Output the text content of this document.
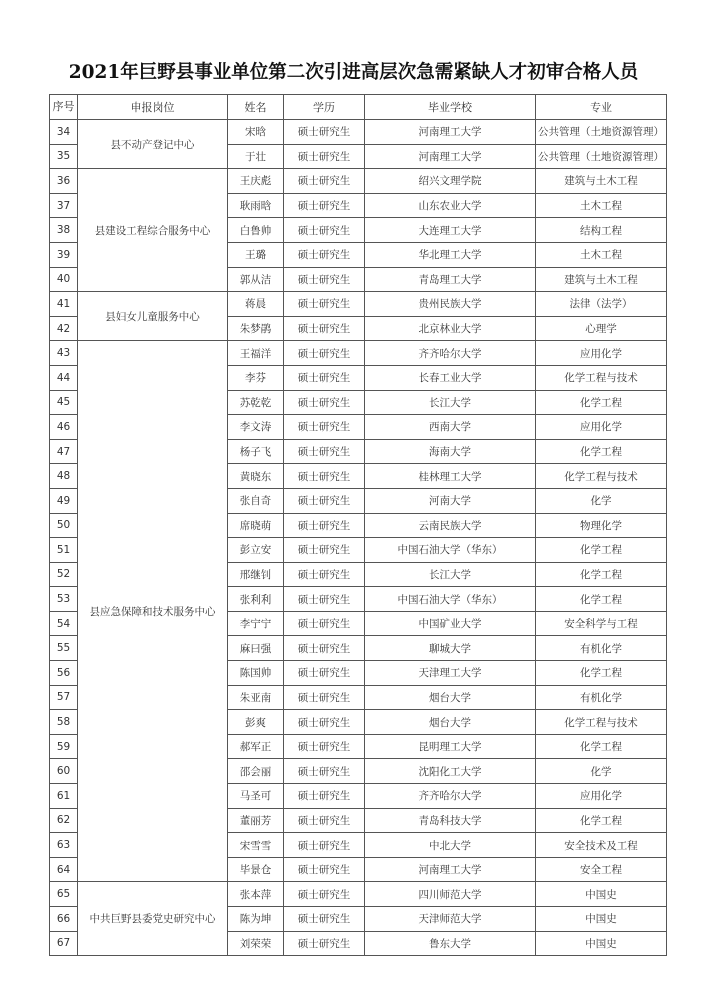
2021年巨野县事业单位第二次引进高层次急需紧缺人才初审合格人员
序号	申报岗位	姓名	学历	毕业学校	专业
34	县不动产登记中心	宋晗	硕士研究生	河南理工大学	公共管理（土地资源管理）
35		于壮	硕士研究生	河南理工大学	公共管理（土地资源管理）
36	县建设工程综合服务中心	王庆彪	硕士研究生	绍兴文理学院	建筑与土木工程
37		耿雨晗	硕士研究生	山东农业大学	土木工程
38		白鲁帅	硕士研究生	大连理工大学	结构工程
39		王璐	硕士研究生	华北理工大学	土木工程
40		郭从洁	硕士研究生	青岛理工大学	建筑与土木工程
41	县妇女儿童服务中心	蒋晨	硕士研究生	贵州民族大学	法律（法学）
42		朱梦鹃	硕士研究生	北京林业大学	心理学
43	县应急保障和技术服务中心	王福洋	硕士研究生	齐齐哈尔大学	应用化学
44		李芬	硕士研究生	长春工业大学	化学工程与技术
45		苏乾乾	硕士研究生	长江大学	化学工程
46		李文涛	硕士研究生	西南大学	应用化学
47		杨子飞	硕士研究生	海南大学	化学工程
48		黄晓东	硕士研究生	桂林理工大学	化学工程与技术
49		张自奇	硕士研究生	河南大学	化学
50		席晓萌	硕士研究生	云南民族大学	物理化学
51		彭立安	硕士研究生	中国石油大学（华东）	化学工程
52		邢继钊	硕士研究生	长江大学	化学工程
53		张利利	硕士研究生	中国石油大学（华东）	化学工程
54		李宁宁	硕士研究生	中国矿业大学	安全科学与工程
55		麻曰强	硕士研究生	聊城大学	有机化学
56		陈国帅	硕士研究生	天津理工大学	化学工程
57		朱亚南	硕士研究生	烟台大学	有机化学
58		彭爽	硕士研究生	烟台大学	化学工程与技术
59		郝军正	硕士研究生	昆明理工大学	化学工程
60		邵会丽	硕士研究生	沈阳化工大学	化学
61		马圣可	硕士研究生	齐齐哈尔大学	应用化学
62		董丽芳	硕士研究生	青岛科技大学	化学工程
63		宋雪雪	硕士研究生	中北大学	安全技术及工程
64		毕景仓	硕士研究生	河南理工大学	安全工程
65	中共巨野县委党史研究中心	张本萍	硕士研究生	四川师范大学	中国史
66		陈为坤	硕士研究生	天津师范大学	中国史
67		刘荣荣	硕士研究生	鲁东大学	中国史
